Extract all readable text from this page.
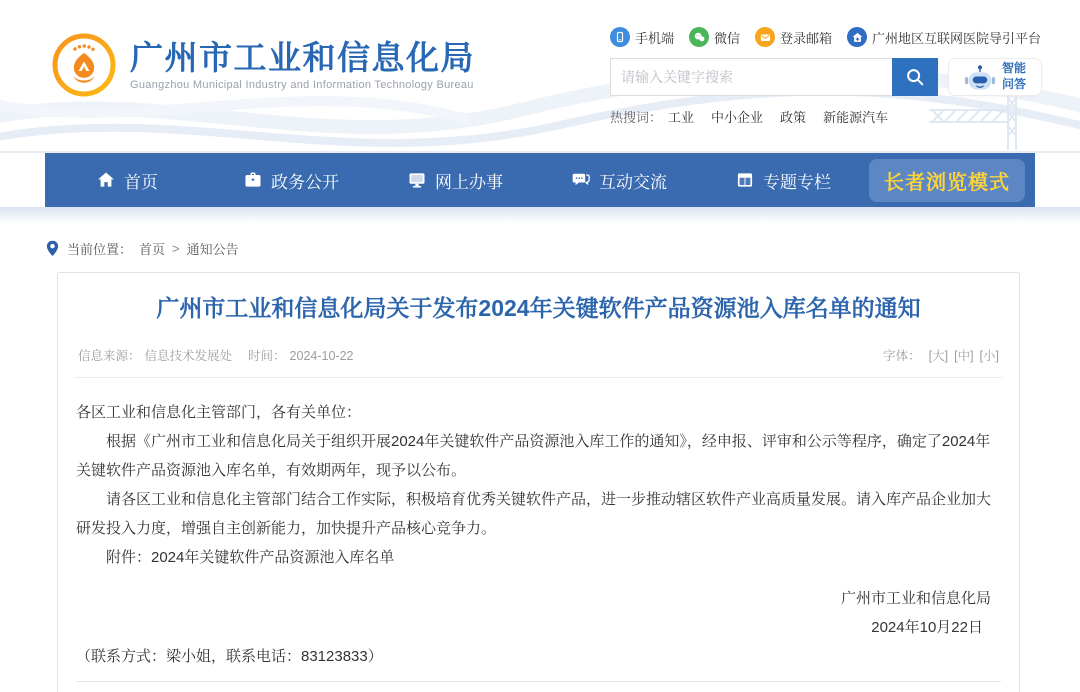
广州市工业和信息化局
Guangzhou Municipal Industry and Information Technology Bureau
手机端	微信	登录邮箱	广州地区互联网医院导引平台
请输入关键字搜索
智能
问答
热搜词： 工业 中小企业 政策 新能源汽车
首页	政务公开	网上办事	互动交流	专题专栏	长者浏览模式
当前位置： 首页 > 通知公告
广州市工业和信息化局关于发布2024年关键软件产品资源池入库名单的通知
信息来源： 信息技术发展处 时间： 2024-10-22	字体： [大] [中] [小]

各区工业和信息化主管部门，各有关单位：

根据《广州市工业和信息化局关于组织开展2024年关键软件产品资源池入库工作的通知》，经申报、评审和公示等程序，确定了2024年关键软件产品资源池入库名单，有效期两年，现予以公布。

请各区工业和信息化主管部门结合工作实际，积极培育优秀关键软件产品，进一步推动辖区软件产业高质量发展。请入库产品企业加大研发投入力度，增强自主创新能力，加快提升产品核心竞争力。

附件：2024年关键软件产品资源池入库名单

广州市工业和信息化局
2024年10月22日

（联系方式：梁小姐，联系电话：83123833）
